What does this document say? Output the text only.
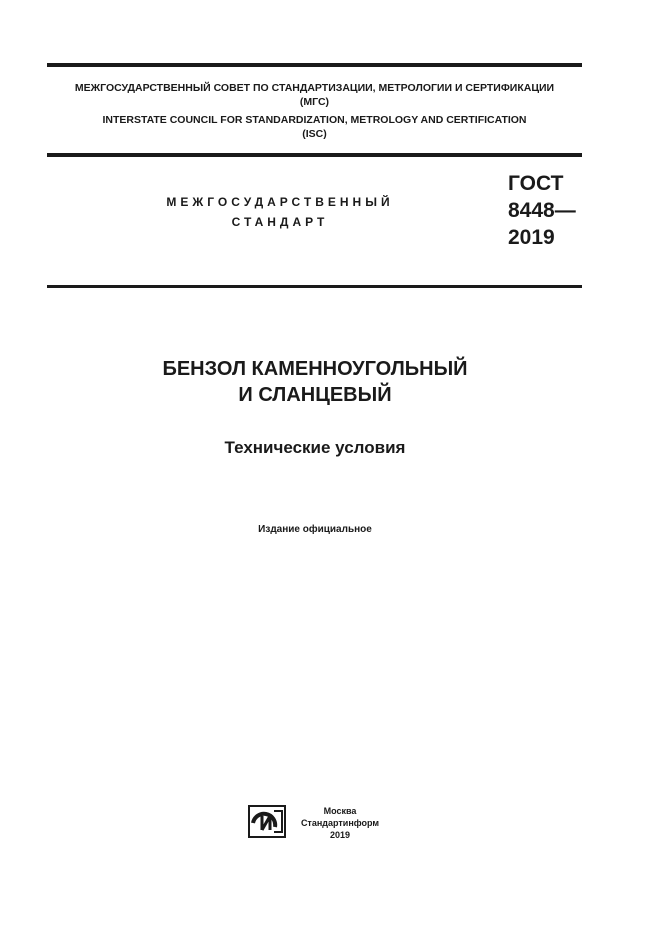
МЕЖГОСУДАРСТВЕННЫЙ СОВЕТ ПО СТАНДАРТИЗАЦИИ, МЕТРОЛОГИИ И СЕРТИФИКАЦИИ
(МГС)
INTERSTATE COUNCIL FOR STANDARDIZATION, METROLOGY AND CERTIFICATION
(ISC)
МЕЖГОСУДАРСТВЕННЫЙ
СТАНДАРТ
ГОСТ
8448—
2019
БЕНЗОЛ КАМЕННОУГОЛЬНЫЙ
И СЛАНЦЕВЫЙ
Технические условия
Издание официальное
Москва
Стандартинформ
2019
